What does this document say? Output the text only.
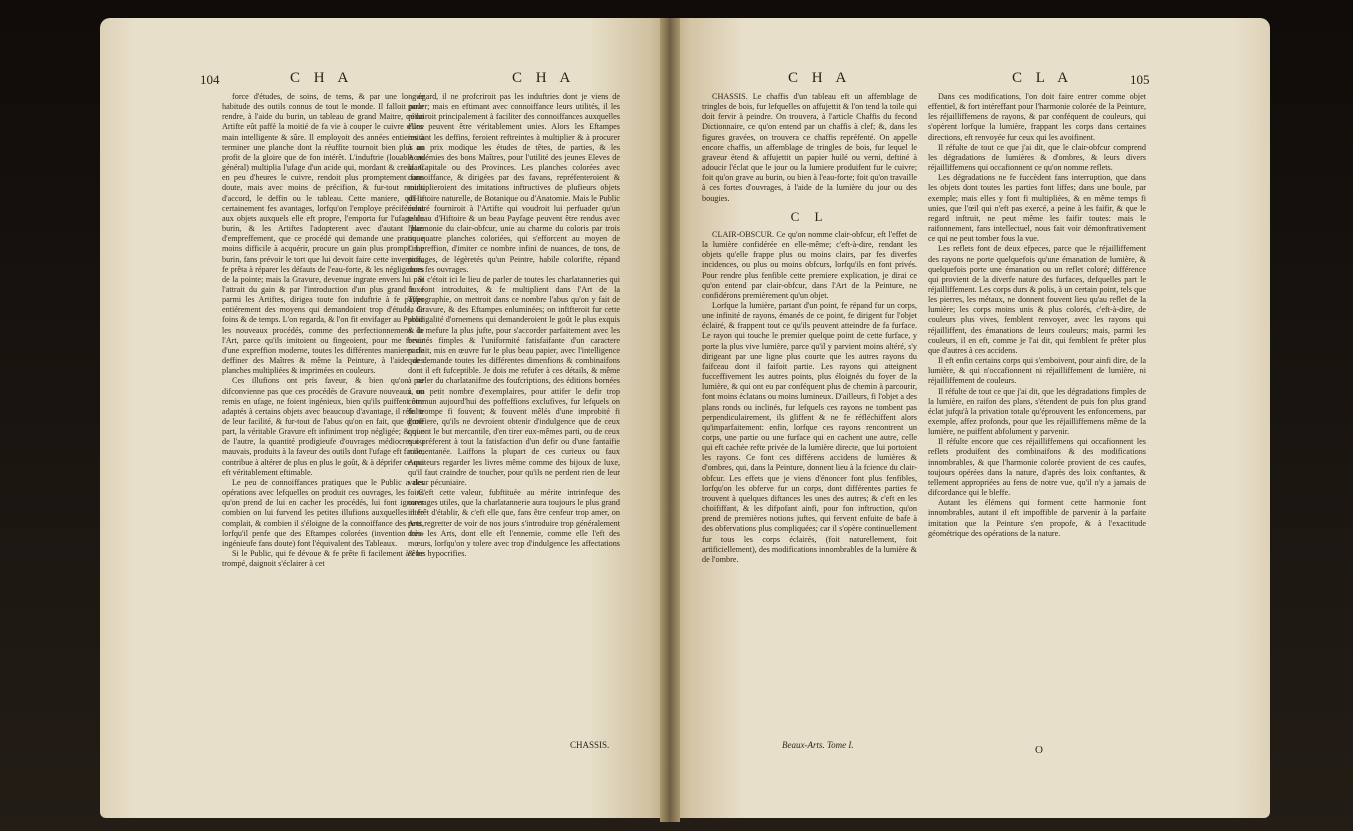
104	C H A	C H A

force d'études, de soins, de tems, & par une longue habitude des outils connus de tout le monde. Il falloit pour rendre, à l'aide du burin, un tableau de grand Maitre, qu'un Artifte eût paffé la moitié de fa vie à couper le cuivre d'une main intelligente & sûre. Il employoit des années entieres à terminer une planche dont la réuffite tournoit bien plus au profit de la gloire que de fon intérêt. L'induftrie (louable en général) multiplia l'ufage d'un acide qui, mordant & creufant en peu d'heures le cuivre, rendoit plus promptement fans doute, mais avec moins de précifion, & fur-tout moins d'accord, le deffin ou le tableau. Cette maniere, qui a certainement fes avantages, lorfqu'on l'employe précifément aux objets auxquels elle eft propre, l'emporta fur l'ufage du burin, & les Artiftes l'adopterent avec d'autant plus d'empreffement, que ce procédé qui demande une pratique moins difficile à acquérir, procure un gain plus prompt. Le burin, fans prévoir le tort que lui devoit faire cette invention, fe prêta à réparer les défauts de l'eau-forte, & les négligences de la pointe; mais la Gravure, devenue ingrate envers lui par l'attrait du gain & par l'introduction d'un plus grand luxe parmi les Artiftes, dirigea toute fon induftrie à fe paffer entiérement des moyens qui demandoient trop d'étude, de foins & de temps. L'on regarda, & l'on fit envifager au Public les nouveaux procédés, comme des perfectionnemens de l'Art, parce qu'ils imitoient ou fingeoient, pour me fervir d'une expreffion moderne, toutes les différentes manieres de deffiner des Maîtres & même la Peinture, à l'aide des planches multipliées & imprimées en couleurs.

Ces illufions ont pris faveur, & bien qu'on ne difconvienne pas que ces procédés de Gravure nouveaux, ou remis en ufage, ne foient ingénieux, bien qu'ils puiffent être adaptés à certains objets avec beaucoup d'avantage, il réfulte de leur facilité, & fur-tout de l'abus qu'on en fait, que d'une part, la véritable Gravure eft infiniment trop négligée; & que de l'autre, la quantité prodigieufe d'ouvrages médiocres ou mauvais, produits à la faveur des outils dont l'ufage eft facile, contribue à altérer de plus en plus le goût, & à déprifer ce qui eft véritablement eftimable.

Le peu de connoiffances pratiques que le Public a des opérations avec lefquelles on produit ces ouvrages, les foins qu'on prend de lui en cacher les procédés, lui font ignorer combien on lui furvend les petites illufions auxquelles il fe complait, & combien il s'éloigne de la connoiffance des Arts, lorfqu'il penfe que des Eftampes colorées (invention très-ingénieufe fans doute) font l'équivalent des Tableaux.

Si le Public, qui fe dévoue & fe prête fi facilement à être trompé, daignoit s'éclairer à cet

égard, il ne profcriroit pas les induftries dont je viens de parler; mais en eftimant avec connoiffance leurs utilités, il les réduiroit principalement à faciliter des connoiffances auxquelles elles peuvent être véritablement unies. Alors les Eftampes imitant les deffins, feroient reftreintes à multiplier & à procurer à un prix modique les études de têtes, de parties, & les Académies des bons Maîtres, pour l'utilité des jeunes Eleves de la Capitale ou des Provinces. Les planches colorées avec connoiffance, & dirigées par des favans, repréfenteroient & multiplieroient des imitations inftructives de plufieurs objets d'Hiftoire naturelle, de Botanique ou d'Anatomie. Mais le Public éclairé fourniroit à l'Artifte qui voudroit lui perfuader qu'un tableau d'Hiftoire & un beau Payfage peuvent être rendus avec l'harmonie du clair-obfcur, unie au charme du coloris par trois ou quatre planches coloriées, qui s'efforcent au moyen de l'impreffion, d'imiter ce nombre infini de nuances, de tons, de paffages, de légèretés qu'un Peintre, habile colorifte, répand dans fes ouvrages.

Si c'étoit ici le lieu de parler de toutes les charlatanneries qui fe font introduites, & fe multiplient dans l'Art de la Typographie, on mettroit dans ce nombre l'abus qu'on y fait de la Gravure, & des Eftampes enluminées; on inftfteroit fur cette prodigalité d'ornemens qui demanderoient le goût le plus exquis & la mefure la plus jufte, pour s'accorder parfaitement avec les beautés fimples & l'uniformité fatisfaifante d'un caractere parfait, mis en œuvre fur le plus beau papier, avec l'intelligence que demande toutes les différentes dimenfions & combinaifons dont il eft fufceptible. Je dois me refufer à ces détails, & même à parler du charlatanifme des foufcriptions, des éditions bornées à un petit nombre d'exemplaires, pour attifer le defir trop commun aujourd'hui des poffeffions exclufives, fur lefquels on fe trompe fi fouvent; & fouvent mêlés d'une improbité fi groffiere, qu'ils ne devroient obtenir d'indulgence que de ceux qui ont le but mercantile, d'en tirer eux-mêmes parti, ou de ceux qui préferent à tout la fatisfaction d'un defir ou d'une fantaifie momentanée. Laiffons la plupart de ces curieux ou faux Amateurs regarder les livres même comme des bijoux de luxe, qu'il faut craindre de toucher, pour qu'ils ne perdent rien de leur valeur pécuniaire.

C'eft cette valeur, fubftituée au mérite intrinfeque des ouvrages utiles, que la charlatannerie aura toujours le plus grand intérêt d'établir, & c'eft elle que, fans être cenfeur trop amer, on peut regretter de voir de nos jours s'introduire trop généralement dans les Arts, dont elle eft l'ennemie, comme elle l'eft des mœurs, lorfqu'on y tolere avec trop d'indulgence les affectations & les hypocrifies.

CHASSIS.
C H A	C L A	105

CHASSIS. Le chaffis d'un tableau eft un affemblage de tringles de bois, fur lefquelles on affujettit & l'on tend la toile qui doit fervir à peindre. On trouvera, à l'article Chaffis du fecond Dictionnaire, ce qu'on entend par un chaffis à clef; &, dans les figures gravées, on trouvera ce chaffis repréfenté. On appelle encore chaffis, un affemblage de tringles de bois, fur lequel le graveur étend & affujettit un papier huilé ou verni, deftiné à adoucir l'éclat que le jour ou la lumiere produifent fur le cuivre; foit qu'on grave au burin, ou bien à l'eau-forte; foit qu'on travaille à ces fortes d'ouvrages, à l'aide de la lumière du jour ou des bougies.

C L

CLAIR-OBSCUR. Ce qu'on nomme clair-obfcur, eft l'effet de la lumière confidérée en elle-même; c'eft-à-dire, rendant les objets qu'elle frappe plus ou moins clairs, par fes diverfes incidences, ou plus ou moins obfcurs, lorfqu'ils en font privés. Pour rendre plus fenfible cette premiere explication, je dirai ce qu'on entend par clair-obfcur, dans l'Art de la Peinture, ne confidérons premièrement qu'un objet.

Lorfque la lumière, partant d'un point, fe répand fur un corps, une infinité de rayons, émanés de ce point, fe dirigent fur l'objet éclairé, & frappent tout ce qu'ils peuvent atteindre de fa furface. Le rayon qui touche le premier quelque point de cette furface, y porte la plus vive lumière, parce qu'il y parvient moins altéré, s'y dirigeant par une ligne plus courte que les autres rayons du faifceau dont il faifoit partie. Les rayons qui atteignent fucceffivement les autres points, plus éloignés du foyer de la lumière, & qui ont eu par conféquent plus de chemin à parcourir, font moins éclatans ou moins lumineux. D'ailleurs, fi l'objet a des plans ronds ou inclinés, fur lefquels ces rayons ne tombent pas perpendiculairement, ils gliffent & ne fe réfléchiffent alors qu'imparfaitement: enfin, lorfque ces rayons rencontrent un corps, une partie ou une furface qui en cachent une autre, celle qui eft cachée refte privée de la lumière directe, que lui portoient les rayons. Ce font ces différens accidens de lumières & d'ombres, qui, dans la Peinture, donnent lieu à la fcience du clair-obfcur. Les effets que je viens d'énoncer font plus fenfibles, lorfqu'on les obferve fur un corps, dont différentes parties fe trouvent à quelques diftances les unes des autres; & c'eft en les choififfant, & les difpofant ainfi, pour fon inftruction, qu'on prend de premières notions juftes, qui fervent enfuite de bafe à des obfervations plus compliquées; car il s'opère continuellement fur tous les corps éclairés, (foit naturellement, foit artificiellement), des modifications innombrables de la lumière & de l'ombre.

Dans ces modifications, l'on doit faire entrer comme objet effentiel, & fort intéreffant pour l'harmonie colorée de la Peinture, les réjailliffemens de rayons, & par conféquent de couleurs, qui s'opèrent lorfque la lumière, frappant les corps dans certaines directions, eft renvoyée fur ceux qui les avoifinent.

Il réfulte de tout ce que j'ai dit, que le clair-obfcur comprend les dégradations de lumières & d'ombres, & leurs divers réjailliffemens qui occafionnent ce qu'on nomme reflets.

Les dégradations ne fe fuccèdent fans interruption, que dans les objets dont toutes les parties font liffes; dans une boule, par exemple; mais elles y font fi multipliées, & en même temps fi unies, que l'œil qui n'eft pas exercé, a peine à les faifir, & que le regard inftruit, ne peut même les faifir toutes: mais le raifonnement, fans intellectuel, nous fait voir démonftrativement ce qui ne peut tomber fous la vue.

Les reflets font de deux efpeces, parce que le réjailliffement des rayons ne porte quelquefois qu'une émanation de lumière, & quelquefois porte une émanation ou un reflet coloré; différence qui provient de la diverfe nature des furfaces, defquelles part le réjailliffement. Les corps durs & polis, à un certain point, tels que les pierres, les métaux, ne donnent fouvent lieu qu'au reflet de la lumière; les corps moins unis & plus colorés, c'eft-à-dire, de couleurs plus vives, femblent renvoyer, avec les rayons qui réjailliffent, des émanations de leurs couleurs; mais, parmi les couleurs, il en eft, comme je l'ai dit, qui femblent fe prêter plus que d'autres à ces accidens.

Il eft enfin certains corps qui s'emboivent, pour ainfi dire, de la lumière, & qui n'occafionnent ni réjailliffement de lumière, ni réjailliffement de couleurs.

Il réfulte de tout ce que j'ai dit, que les dégradations fimples de la lumière, en raifon des plans, s'étendent de puis fon plus grand éclat jufqu'à la privation totale qu'éprouvent les enfoncemens, par exemple, affez profonds, pour que les réjailliffemens même de la lumière, ne puiffent abfolument y parvenir.

Il réfulte encore que ces réjailliffemens qui occafionnent les reflets produifent des combinaifons & des modifications innombrables, & que l'harmonie colorée provient de ces caufes, toujours opérées dans la nature, d'après des loix conftantes, & tellement appropriées au fens de notre vue, qu'il n'y a jamais de difcordance qui le bleffe.

Autant les élémens qui forment cette harmonie font innombrables, autant il eft impoffible de parvenir à la parfaite imitation que la Peinture s'en propofe, & à l'exactitude géométrique des opérations de la nature.

Beaux-Arts. Tome I.	O
